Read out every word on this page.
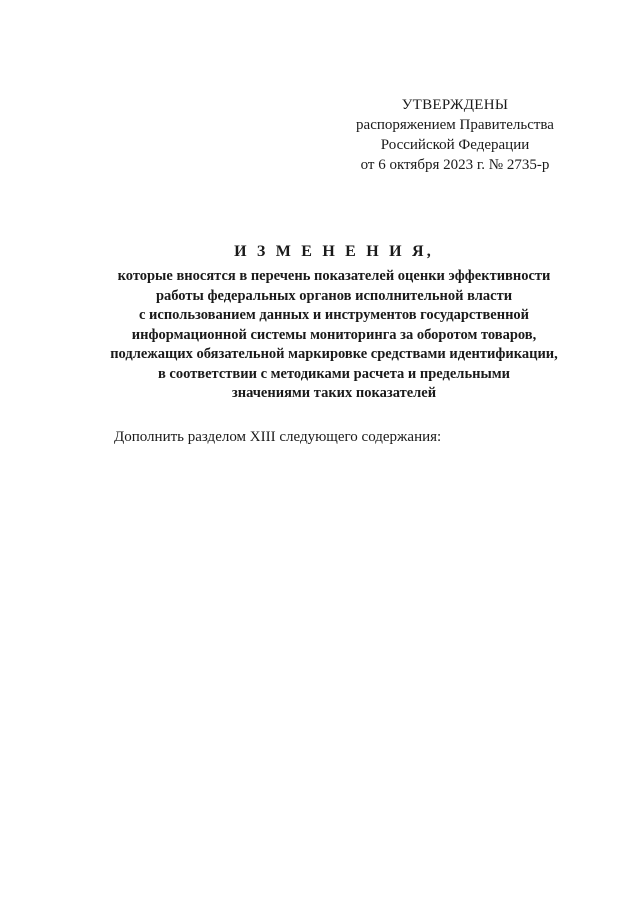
УТВЕРЖДЕНЫ
распоряжением Правительства
Российской Федерации
от 6 октября 2023 г. № 2735-р
И З М Е Н Е Н И Я,
которые вносятся в перечень показателей оценки эффективности
работы федеральных органов исполнительной власти
с использованием данных и инструментов государственной
информационной системы мониторинга за оборотом товаров,
подлежащих обязательной маркировке средствами идентификации,
в соответствии с методиками расчета и предельными
значениями таких показателей
Дополнить разделом XIII следующего содержания:
